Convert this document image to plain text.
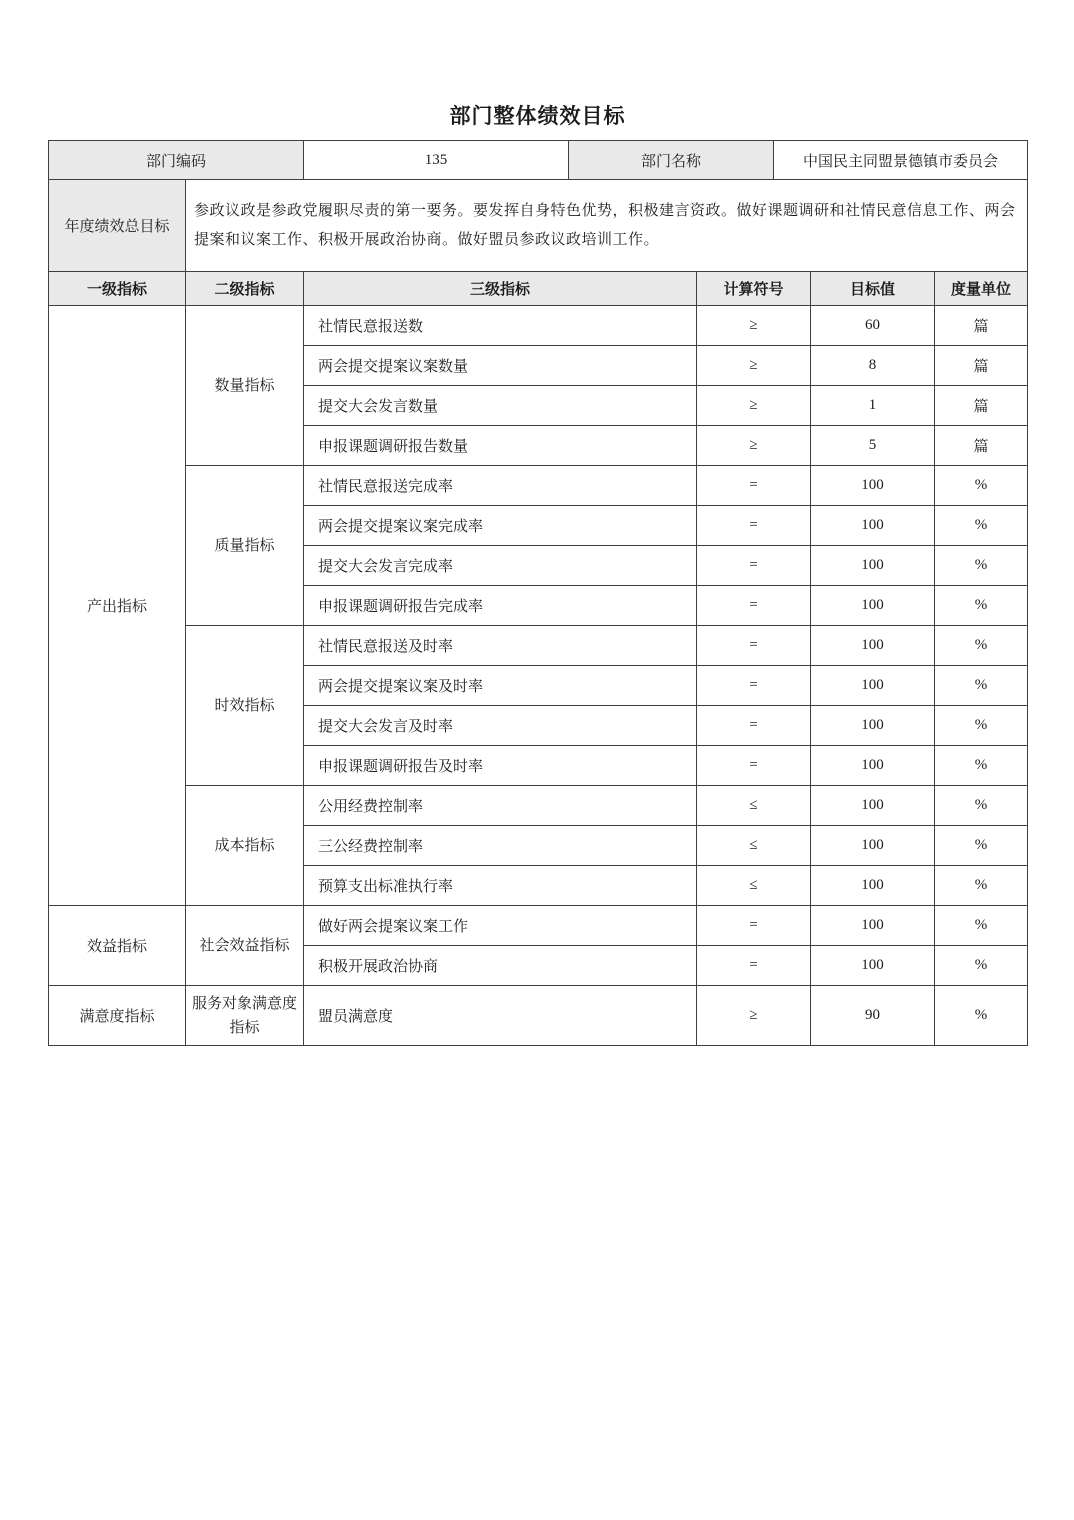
部门整体绩效目标
部门编码	135	部门名称	中国民主同盟景德镇市委员会
年度绩效总目标	参政议政是参政党履职尽责的第一要务。要发挥自身特色优势，积极建言资政。做好课题调研和社情民意信息工作、两会提案和议案工作、积极开展政治协商。做好盟员参政议政培训工作。
一级指标	二级指标	三级指标	计算符号	目标值	度量单位
产出指标	数量指标	社情民意报送数	≥	60	篇
		两会提交提案议案数量	≥	8	篇
		提交大会发言数量	≥	1	篇
		申报课题调研报告数量	≥	5	篇
	质量指标	社情民意报送完成率	=	100	%
		两会提交提案议案完成率	=	100	%
		提交大会发言完成率	=	100	%
		申报课题调研报告完成率	=	100	%
	时效指标	社情民意报送及时率	=	100	%
		两会提交提案议案及时率	=	100	%
		提交大会发言及时率	=	100	%
		申报课题调研报告及时率	=	100	%
	成本指标	公用经费控制率	≤	100	%
		三公经费控制率	≤	100	%
		预算支出标准执行率	≤	100	%
效益指标	社会效益指标	做好两会提案议案工作	=	100	%
		积极开展政治协商	=	100	%
满意度指标	服务对象满意度指标	盟员满意度	≥	90	%
